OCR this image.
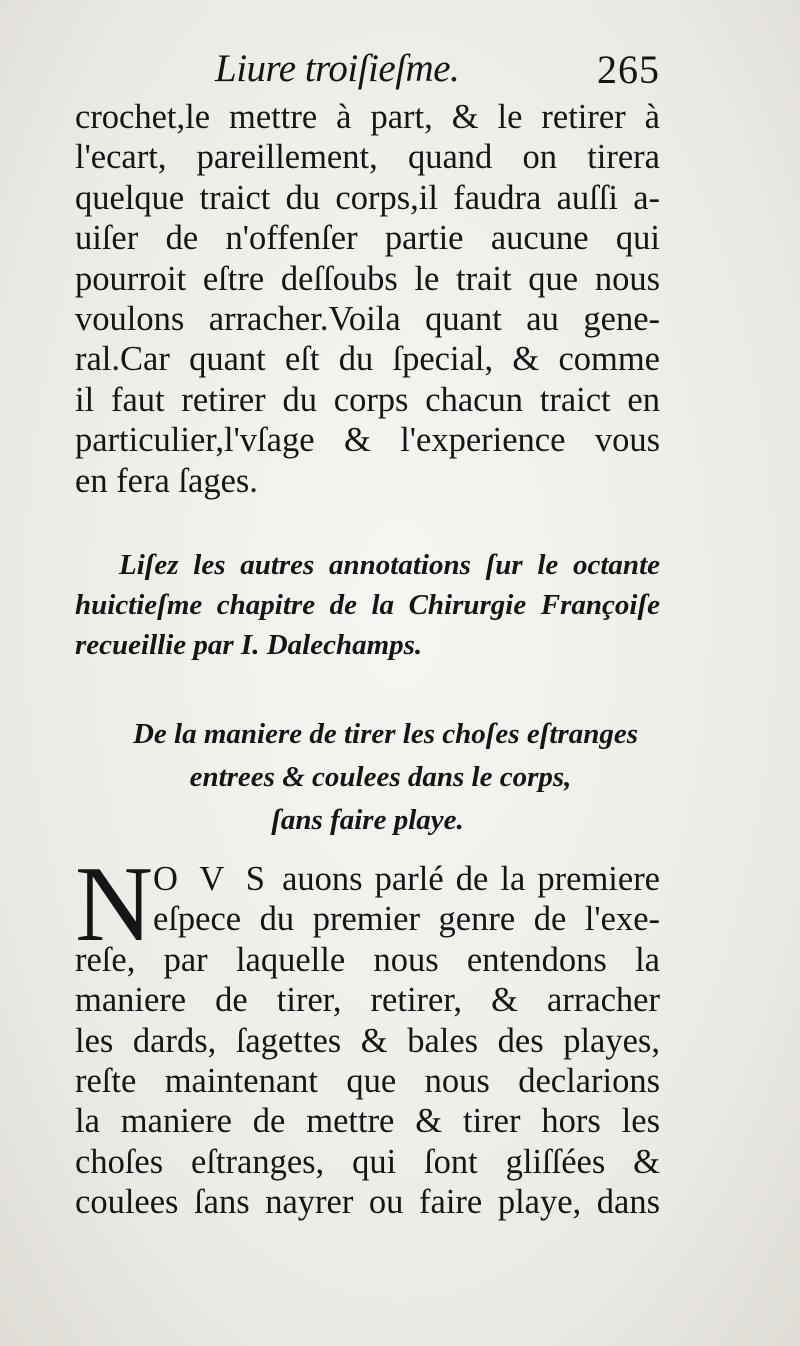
Liure troiſieſme.	265
crochet,le mettre à part, & le retirer à
l'ecart, pareillement, quand on tirera
quelque traict du corps,il faudra auſſi a-
uiſer de n'offenſer partie aucune qui
pourroit eſtre deſſoubs le trait que nous
voulons arracher.Voila quant au gene-
ral.Car quant eſt du ſpecial, & comme
il faut retirer du corps chacun traict en
particulier,l'vſage & l'experience vous
en fera ſages.
Liſez les autres annotations ſur le octante
huictieſme chapitre de la Chirurgie Françoiſe
recueillie par I. Dalechamps.
De la maniere de tirer les choſes eſtranges
entrees & coulees dans le corps,
ſans faire playe.
N O V S auons parlé de la premiere
eſpece du premier genre de l'exe-
reſe, par laquelle nous entendons la
maniere de tirer, retirer, & arracher
les dards, ſagettes & bales des playes,
reſte maintenant que nous declarions
la maniere de mettre & tirer hors les
choſes eſtranges, qui ſont gliſſées &
coulees ſans nayrer ou faire playe, dans
